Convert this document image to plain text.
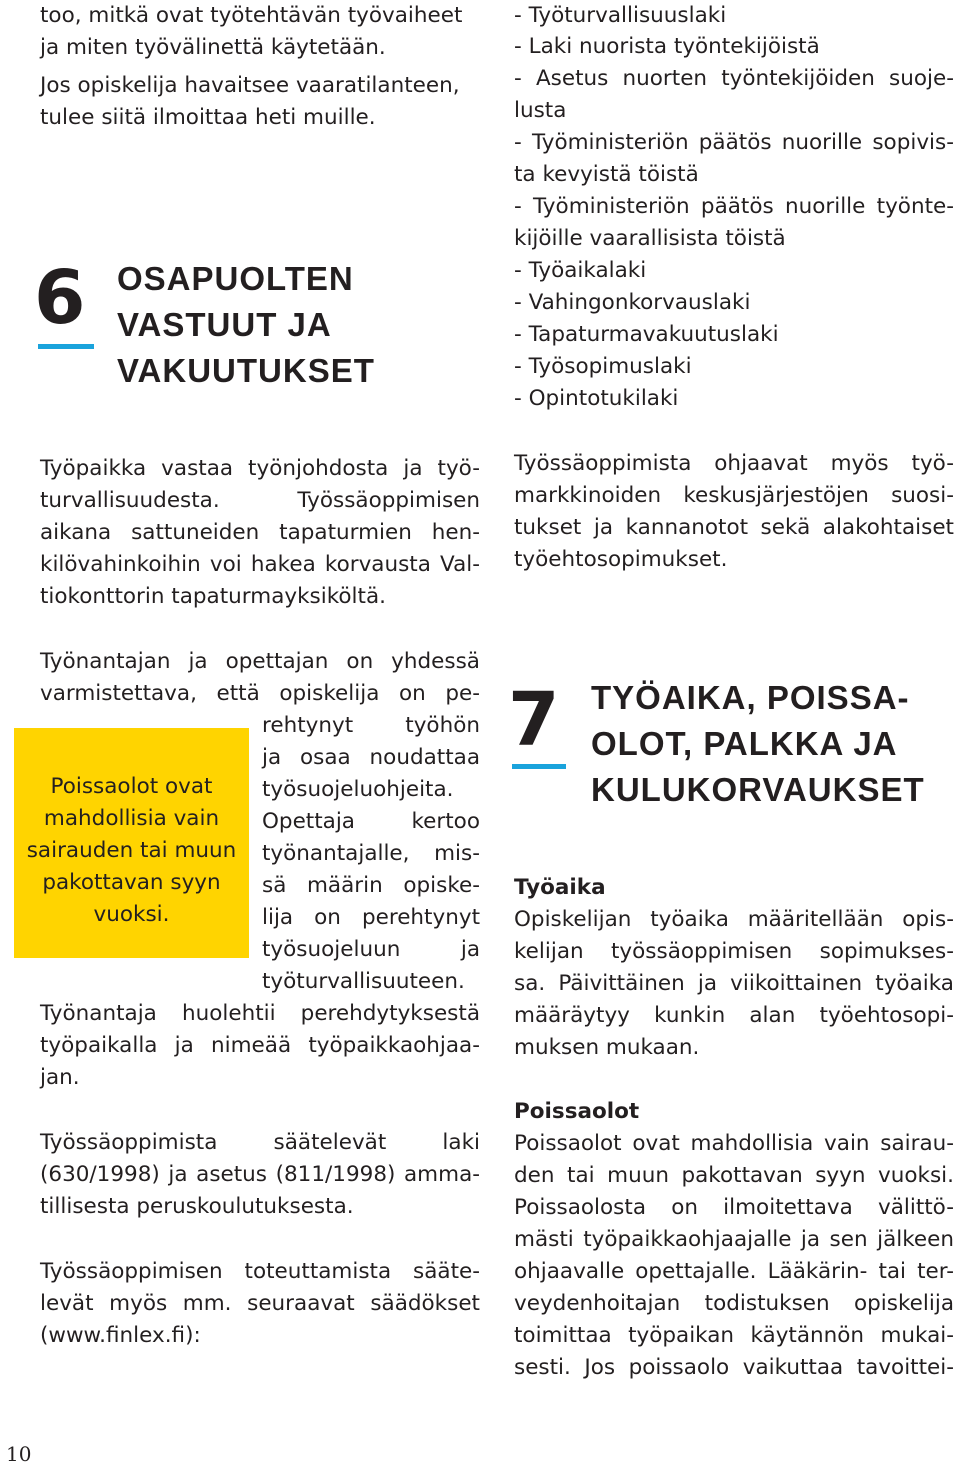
too, mitkä ovat työtehtävän työvaiheet
ja miten työvälinettä käytetään.
Jos opiskelija havaitsee vaaratilanteen,
tulee siitä ilmoittaa heti muille.
6 OSAPUOLTEN
VASTUUT JA
VAKUUTUKSET
Työpaikka vastaa työnjohdosta ja työ-
turvallisuudesta. Työssäoppimisen
aikana sattuneiden tapaturmien hen-
kilövahinkoihin voi hakea korvausta Val-
tiokonttorin tapaturmayksiköltä.
Työnantajan ja opettajan on yhdessä
varmistettava, että opiskelija on pe-
rehtynyt työhön
ja osaa noudattaa
työsuojeluohjeita.
Opettaja kertoo
työnantajalle, mis-
sä määrin opiske-
lija on perehtynyt
työsuojeluun ja
työturvallisuuteen.
Työnantaja huolehtii perehdytyksestä
työpaikalla ja nimeää työpaikkaohjaa-
jan.
Poissaolot ovat
mahdollisia vain
sairauden tai muun
pakottavan syyn
vuoksi.
Työssäoppimista säätelevät laki
(630/1998) ja asetus (811/1998) amma-
tillisesta peruskoulutuksesta.
Työssäoppimisen toteuttamista sääte-
levät myös mm. seuraavat säädökset
(www.finlex.fi):
- Työturvallisuuslaki
- Laki nuorista työntekijöistä
- Asetus nuorten työntekijöiden suoje-
lusta
- Työministeriön päätös nuorille sopivis-
ta kevyistä töistä
- Työministeriön päätös nuorille työnte-
kijöille vaarallisista töistä
- Työaikalaki
- Vahingonkorvauslaki
- Tapaturmavakuutuslaki
- Työsopimuslaki
- Opintotukilaki
Työssäoppimista ohjaavat myös työ-
markkinoiden keskusjärjestöjen suosi-
tukset ja kannanotot sekä alakohtaiset
työehtosopimukset.
7 TYÖAIKA, POISSA-
OLOT, PALKKA JA
KULUKORVAUKSET
Työaika
Opiskelijan työaika määritellään opis-
kelijan työssäoppimisen sopimukses-
sa. Päivittäinen ja viikoittainen työaika
määräytyy kunkin alan työehtosopi-
muksen mukaan.
Poissaolot
Poissaolot ovat mahdollisia vain sairau-
den tai muun pakottavan syyn vuoksi.
Poissaolosta on ilmoitettava välittö-
mästi työpaikkaohjaajalle ja sen jälkeen
ohjaavalle opettajalle. Lääkärin- tai ter-
veydenhoitajan todistuksen opiskelija
toimittaa työpaikan käytännön mukai-
sesti. Jos poissaolo vaikuttaa tavoittei-
10
